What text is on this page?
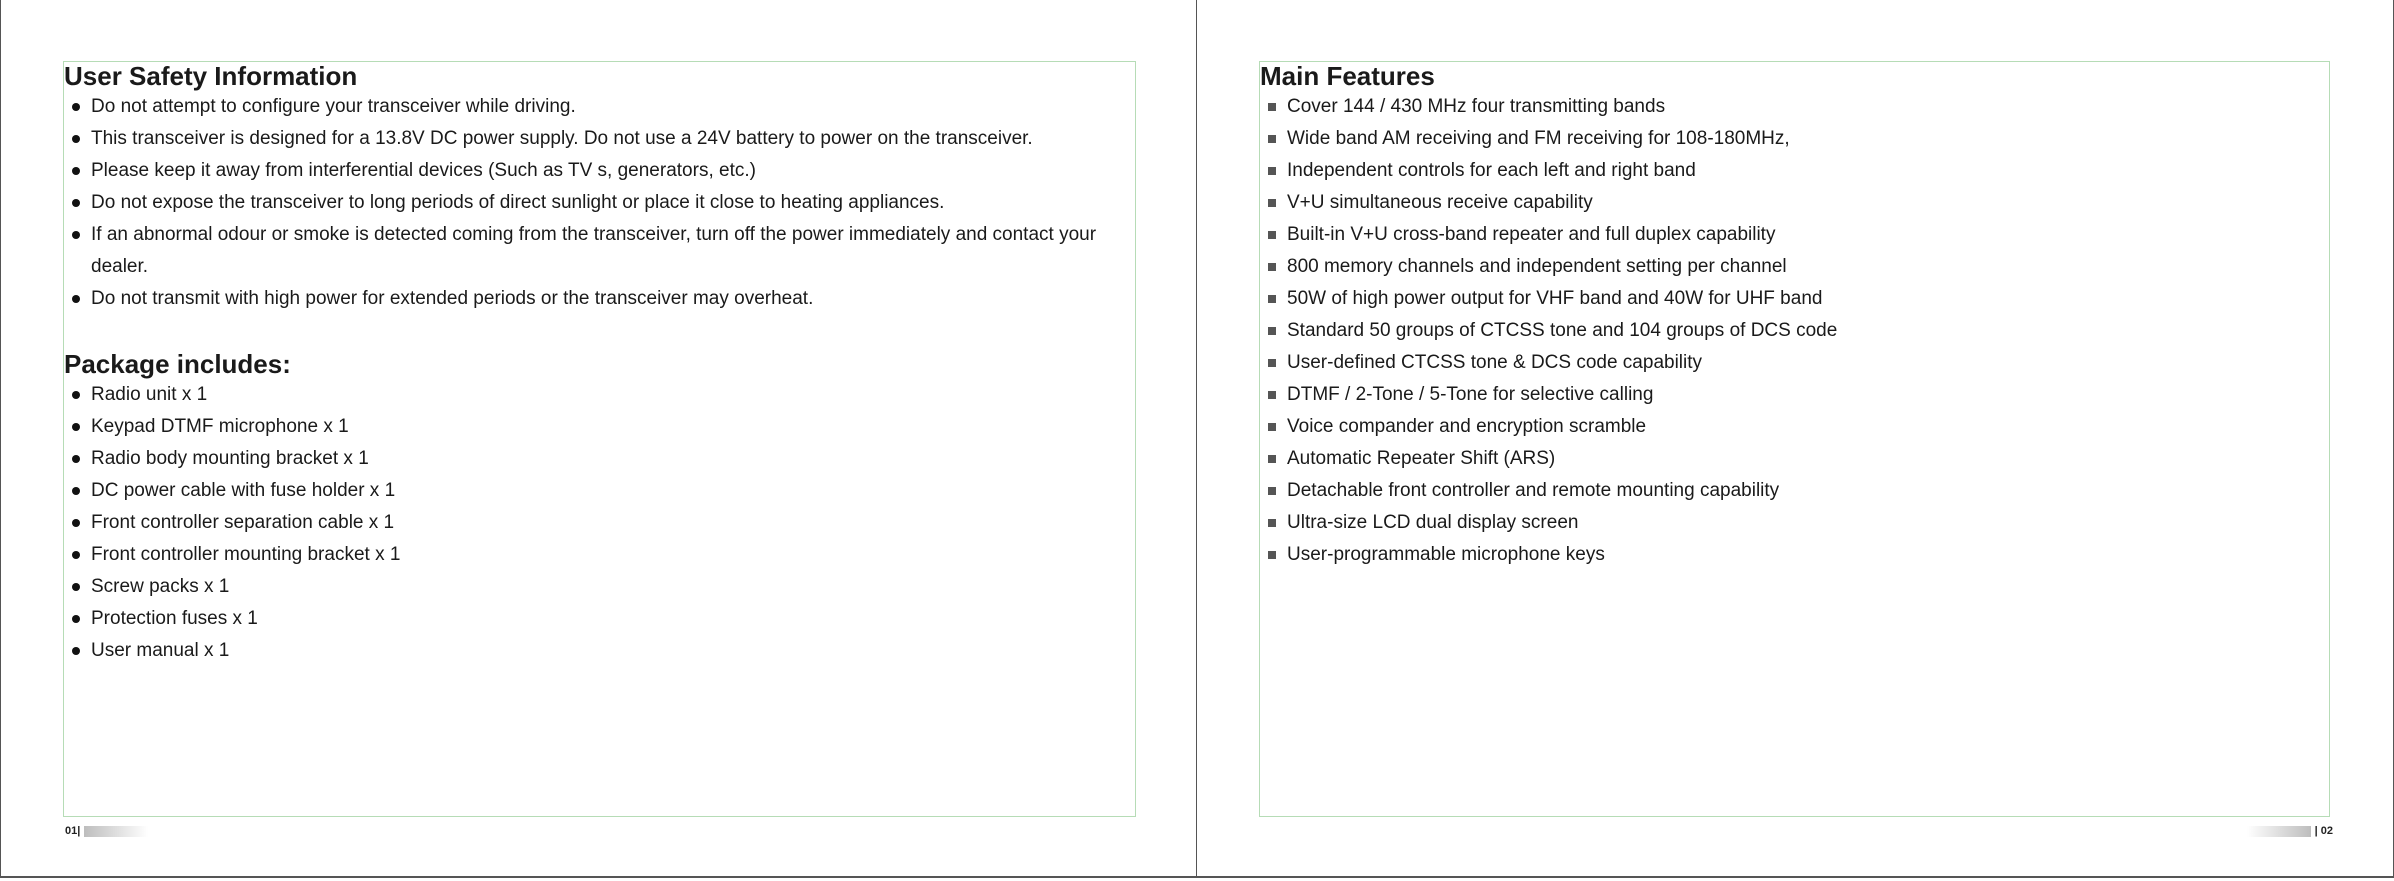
User Safety Information
Do not attempt to configure your transceiver while driving.
This transceiver is designed for a 13.8V DC power supply. Do not use a 24V battery to power on the transceiver.
Please keep it away from interferential devices (Such as TV s, generators, etc.)
Do not expose the transceiver to long periods of direct sunlight or place it close to heating appliances.
If an abnormal odour or smoke is detected coming from the transceiver, turn off the power immediately and contact your dealer.
Do not transmit with high power for extended periods or the transceiver may overheat.
Package includes:
Radio unit x 1
Keypad DTMF microphone x 1
Radio body mounting bracket x 1
DC power cable with fuse holder x 1
Front controller separation cable x 1
Front controller mounting bracket x 1
Screw packs x 1
Protection fuses x 1
User manual x 1
01|
Main Features
Cover 144 / 430 MHz four transmitting bands
Wide band AM receiving and FM receiving for 108-180MHz,
Independent controls for each left and right band
V+U simultaneous receive capability
Built-in V+U cross-band repeater and full duplex capability
800 memory channels and independent setting per channel
50W of high power output for VHF band and 40W for UHF band
Standard 50 groups of CTCSS tone and 104 groups of DCS code
User-defined CTCSS tone & DCS code capability
DTMF / 2-Tone / 5-Tone for selective calling
Voice compander and encryption scramble
Automatic Repeater Shift (ARS)
Detachable front controller and remote mounting capability
Ultra-size LCD dual display screen
User-programmable microphone keys
| 02
